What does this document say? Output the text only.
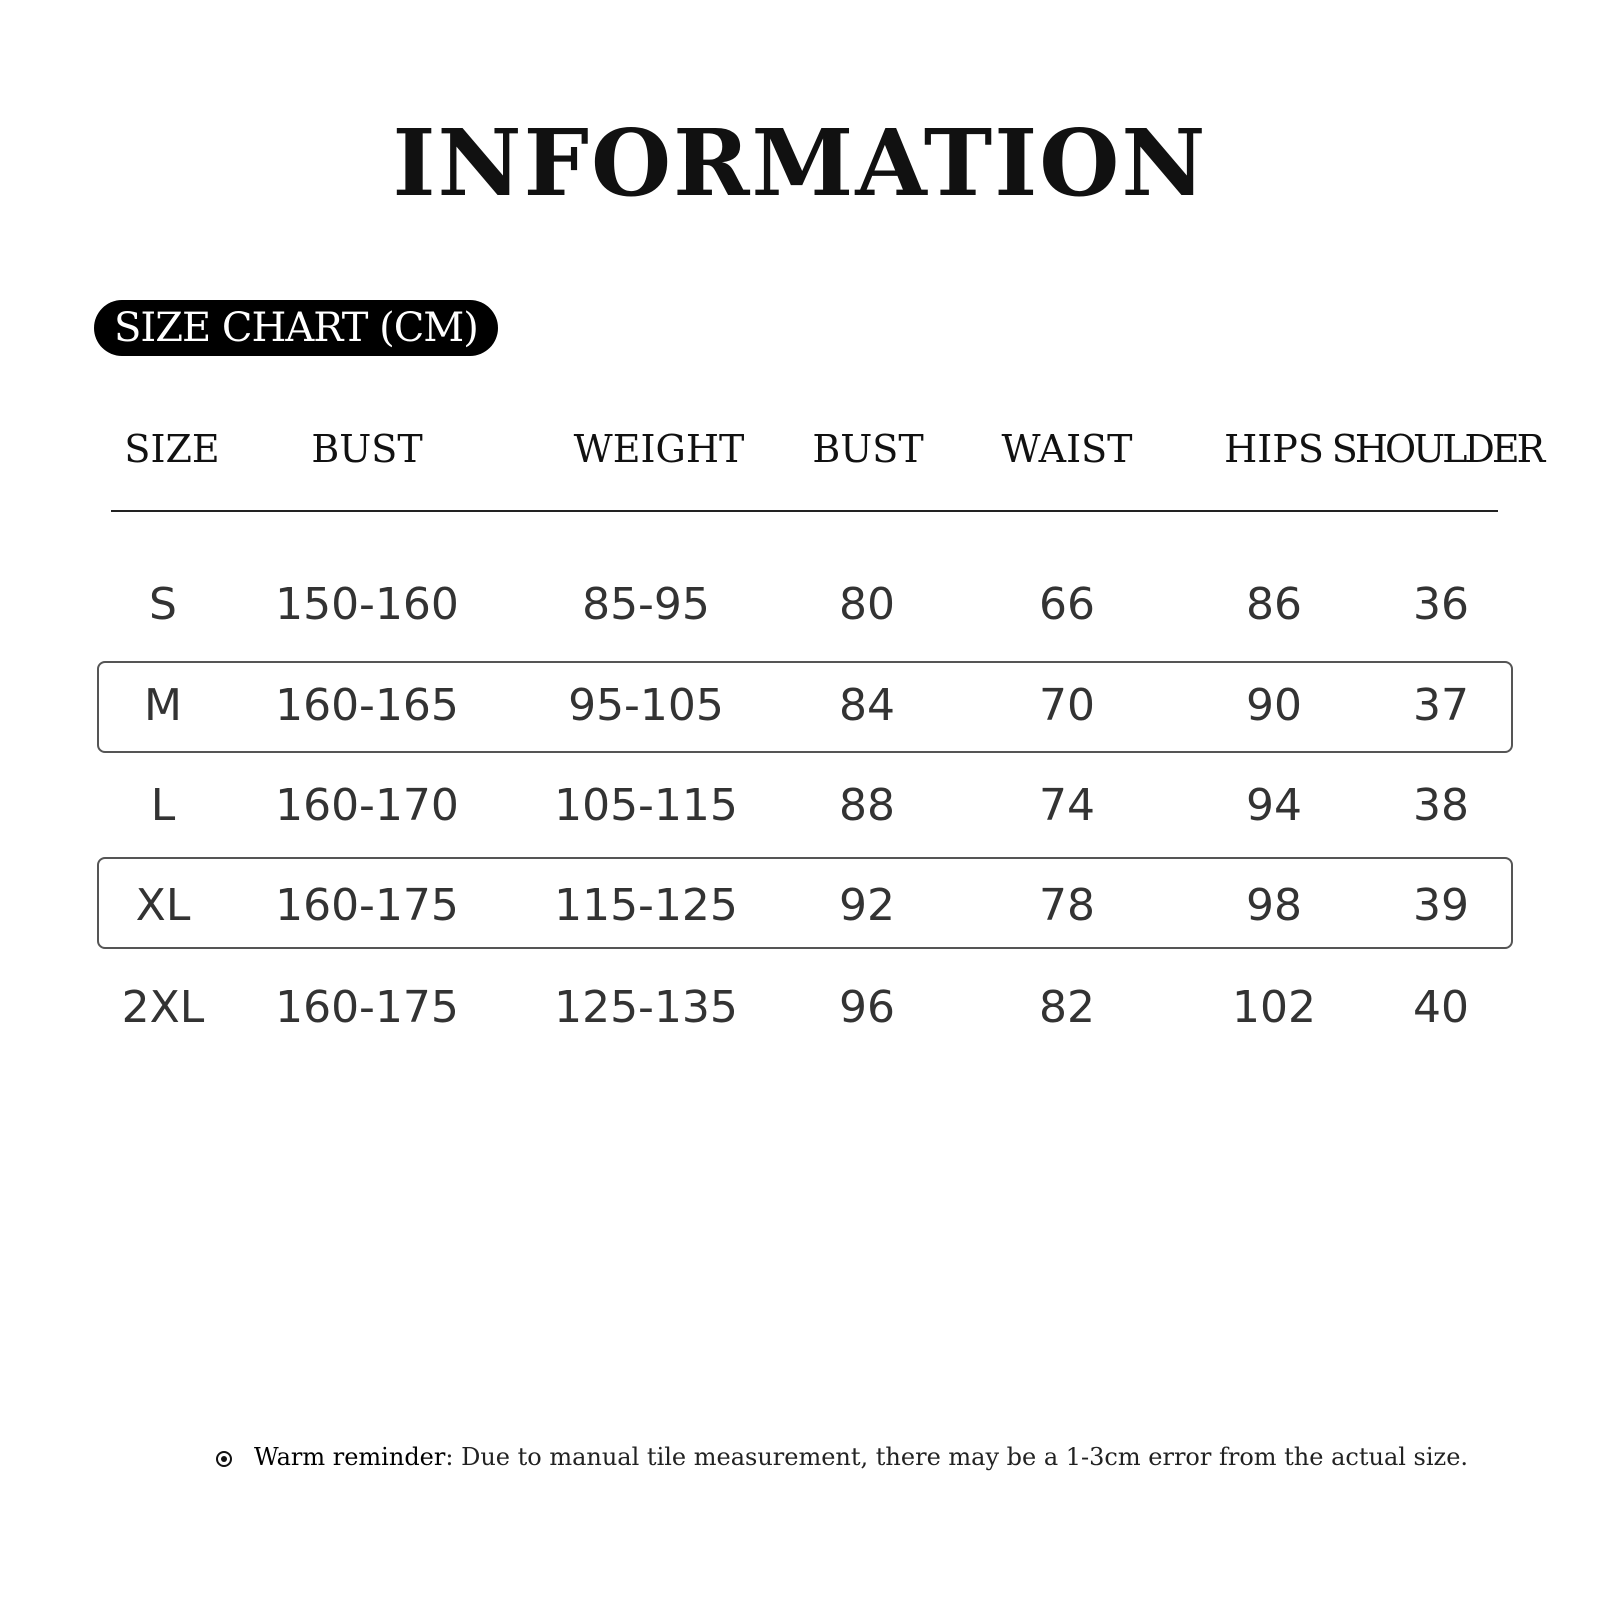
INFORMATION
SIZE CHART (CM)
SIZE BUST	WEIGHT BUST WAIST HIPS SHOULDER
S 150-160	85-95	80	66	86	36
M 160-165 95-105	84	70	90	37
L 160-170 105-115 88	74	94	38
XL 160-175 115-125 92	78	98	39
2XL 160-175 125-135 96	82	102 40
Warm reminder: Due to manual tile measurement, there may be a 1-3cm error from the actual size.
